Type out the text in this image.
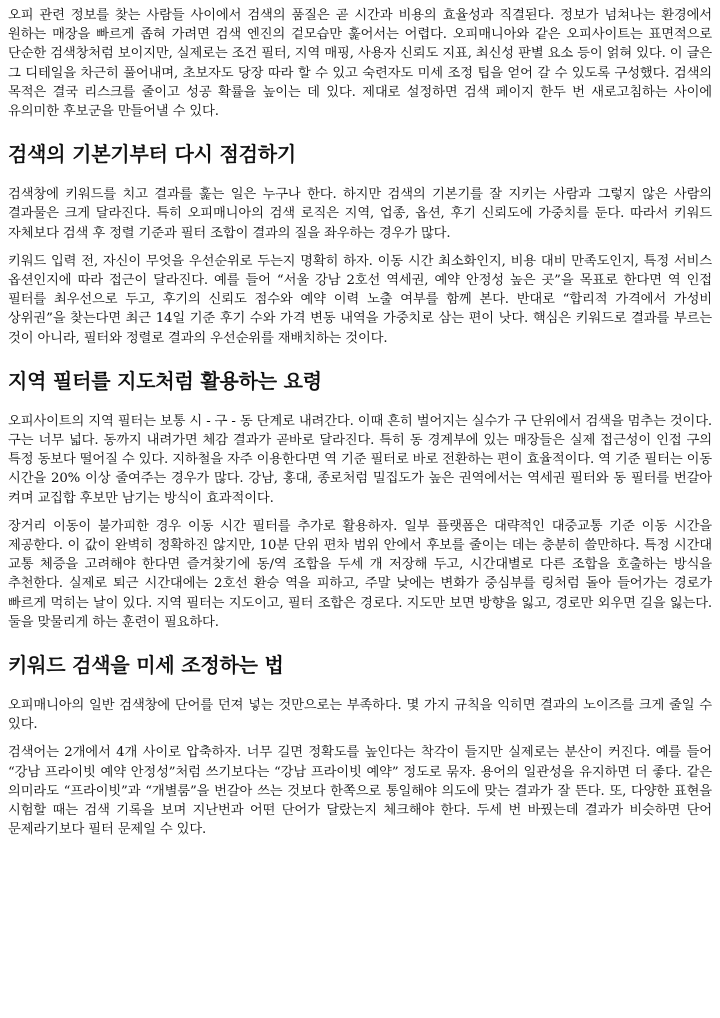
오피 관련 정보를 찾는 사람들 사이에서 검색의 품질은 곧 시간과 비용의 효율성과 직결된다. 정보가 넘쳐나는 환경에서 원하는 매장을 빠르게 좁혀 가려면 검색 엔진의 겉모습만 훑어서는 어렵다. 오피매니아와 같은 오피사이트는 표면적으로 단순한 검색창처럼 보이지만, 실제로는 조건 필터, 지역 매핑, 사용자 신뢰도 지표, 최신성 판별 요소 등이 얽혀 있다. 이 글은 그 디테일을 차근히 풀어내며, 초보자도 당장 따라 할 수 있고 숙련자도 미세 조정 팁을 얻어 갈 수 있도록 구성했다. 검색의 목적은 결국 리스크를 줄이고 성공 확률을 높이는 데 있다. 제대로 설정하면 검색 페이지 한두 번 새로고침하는 사이에 유의미한 후보군을 만들어낼 수 있다.

검색의 기본기부터 다시 점검하기

검색창에 키워드를 치고 결과를 훑는 일은 누구나 한다. 하지만 검색의 기본기를 잘 지키는 사람과 그렇지 않은 사람의 결과물은 크게 달라진다. 특히 오피매니아의 검색 로직은 지역, 업종, 옵션, 후기 신뢰도에 가중치를 둔다. 따라서 키워드 자체보다 검색 후 정렬 기준과 필터 조합이 결과의 질을 좌우하는 경우가 많다.

키워드 입력 전, 자신이 무엇을 우선순위로 두는지 명확히 하자. 이동 시간 최소화인지, 비용 대비 만족도인지, 특정 서비스 옵션인지에 따라 접근이 달라진다. 예를 들어 “서울 강남 2호선 역세권, 예약 안정성 높은 곳”을 목표로 한다면 역 인접 필터를 최우선으로 두고, 후기의 신뢰도 점수와 예약 이력 노출 여부를 함께 본다. 반대로 “합리적 가격에서 가성비 상위권”을 찾는다면 최근 14일 기준 후기 수와 가격 변동 내역을 가중치로 삼는 편이 낫다. 핵심은 키워드로 결과를 부르는 것이 아니라, 필터와 정렬로 결과의 우선순위를 재배치하는 것이다.

지역 필터를 지도처럼 활용하는 요령

오피사이트의 지역 필터는 보통 시 - 구 - 동 단계로 내려간다. 이때 흔히 벌어지는 실수가 구 단위에서 검색을 멈추는 것이다. 구는 너무 넓다. 동까지 내려가면 체감 결과가 곧바로 달라진다. 특히 동 경계부에 있는 매장들은 실제 접근성이 인접 구의 특정 동보다 떨어질 수 있다. 지하철을 자주 이용한다면 역 기준 필터로 바로 전환하는 편이 효율적이다. 역 기준 필터는 이동 시간을 20% 이상 줄여주는 경우가 많다. 강남, 홍대, 종로처럼 밀집도가 높은 권역에서는 역세권 필터와 동 필터를 번갈아 켜며 교집합 후보만 남기는 방식이 효과적이다.

장거리 이동이 불가피한 경우 이동 시간 필터를 추가로 활용하자. 일부 플랫폼은 대략적인 대중교통 기준 이동 시간을 제공한다. 이 값이 완벽히 정확하진 않지만, 10분 단위 편차 범위 안에서 후보를 줄이는 데는 충분히 쓸만하다. 특정 시간대 교통 체증을 고려해야 한다면 즐겨찾기에 동/역 조합을 두세 개 저장해 두고, 시간대별로 다른 조합을 호출하는 방식을 추천한다. 실제로 퇴근 시간대에는 2호선 환승 역을 피하고, 주말 낮에는 변화가 중심부를 링처럼 돌아 들어가는 경로가 빠르게 먹히는 날이 있다. 지역 필터는 지도이고, 필터 조합은 경로다. 지도만 보면 방향을 잃고, 경로만 외우면 길을 잃는다. 둘을 맞물리게 하는 훈련이 필요하다.

키워드 검색을 미세 조정하는 법

오피매니아의 일반 검색창에 단어를 던져 넣는 것만으로는 부족하다. 몇 가지 규칙을 익히면 결과의 노이즈를 크게 줄일 수 있다.

검색어는 2개에서 4개 사이로 압축하자. 너무 길면 정확도를 높인다는 착각이 들지만 실제로는 분산이 커진다. 예를 들어 “강남 프라이빗 예약 안정성”처럼 쓰기보다는 “강남 프라이빗 예약” 정도로 묶자. 용어의 일관성을 유지하면 더 좋다. 같은 의미라도 “프라이빗”과 “개별룸”을 번갈아 쓰는 것보다 한쪽으로 통일해야 의도에 맞는 결과가 잘 뜬다. 또, 다양한 표현을 시험할 때는 검색 기록을 보며 지난번과 어떤 단어가 달랐는지 체크해야 한다. 두세 번 바꿨는데 결과가 비슷하면 단어 문제라기보다 필터 문제일 수 있다.
